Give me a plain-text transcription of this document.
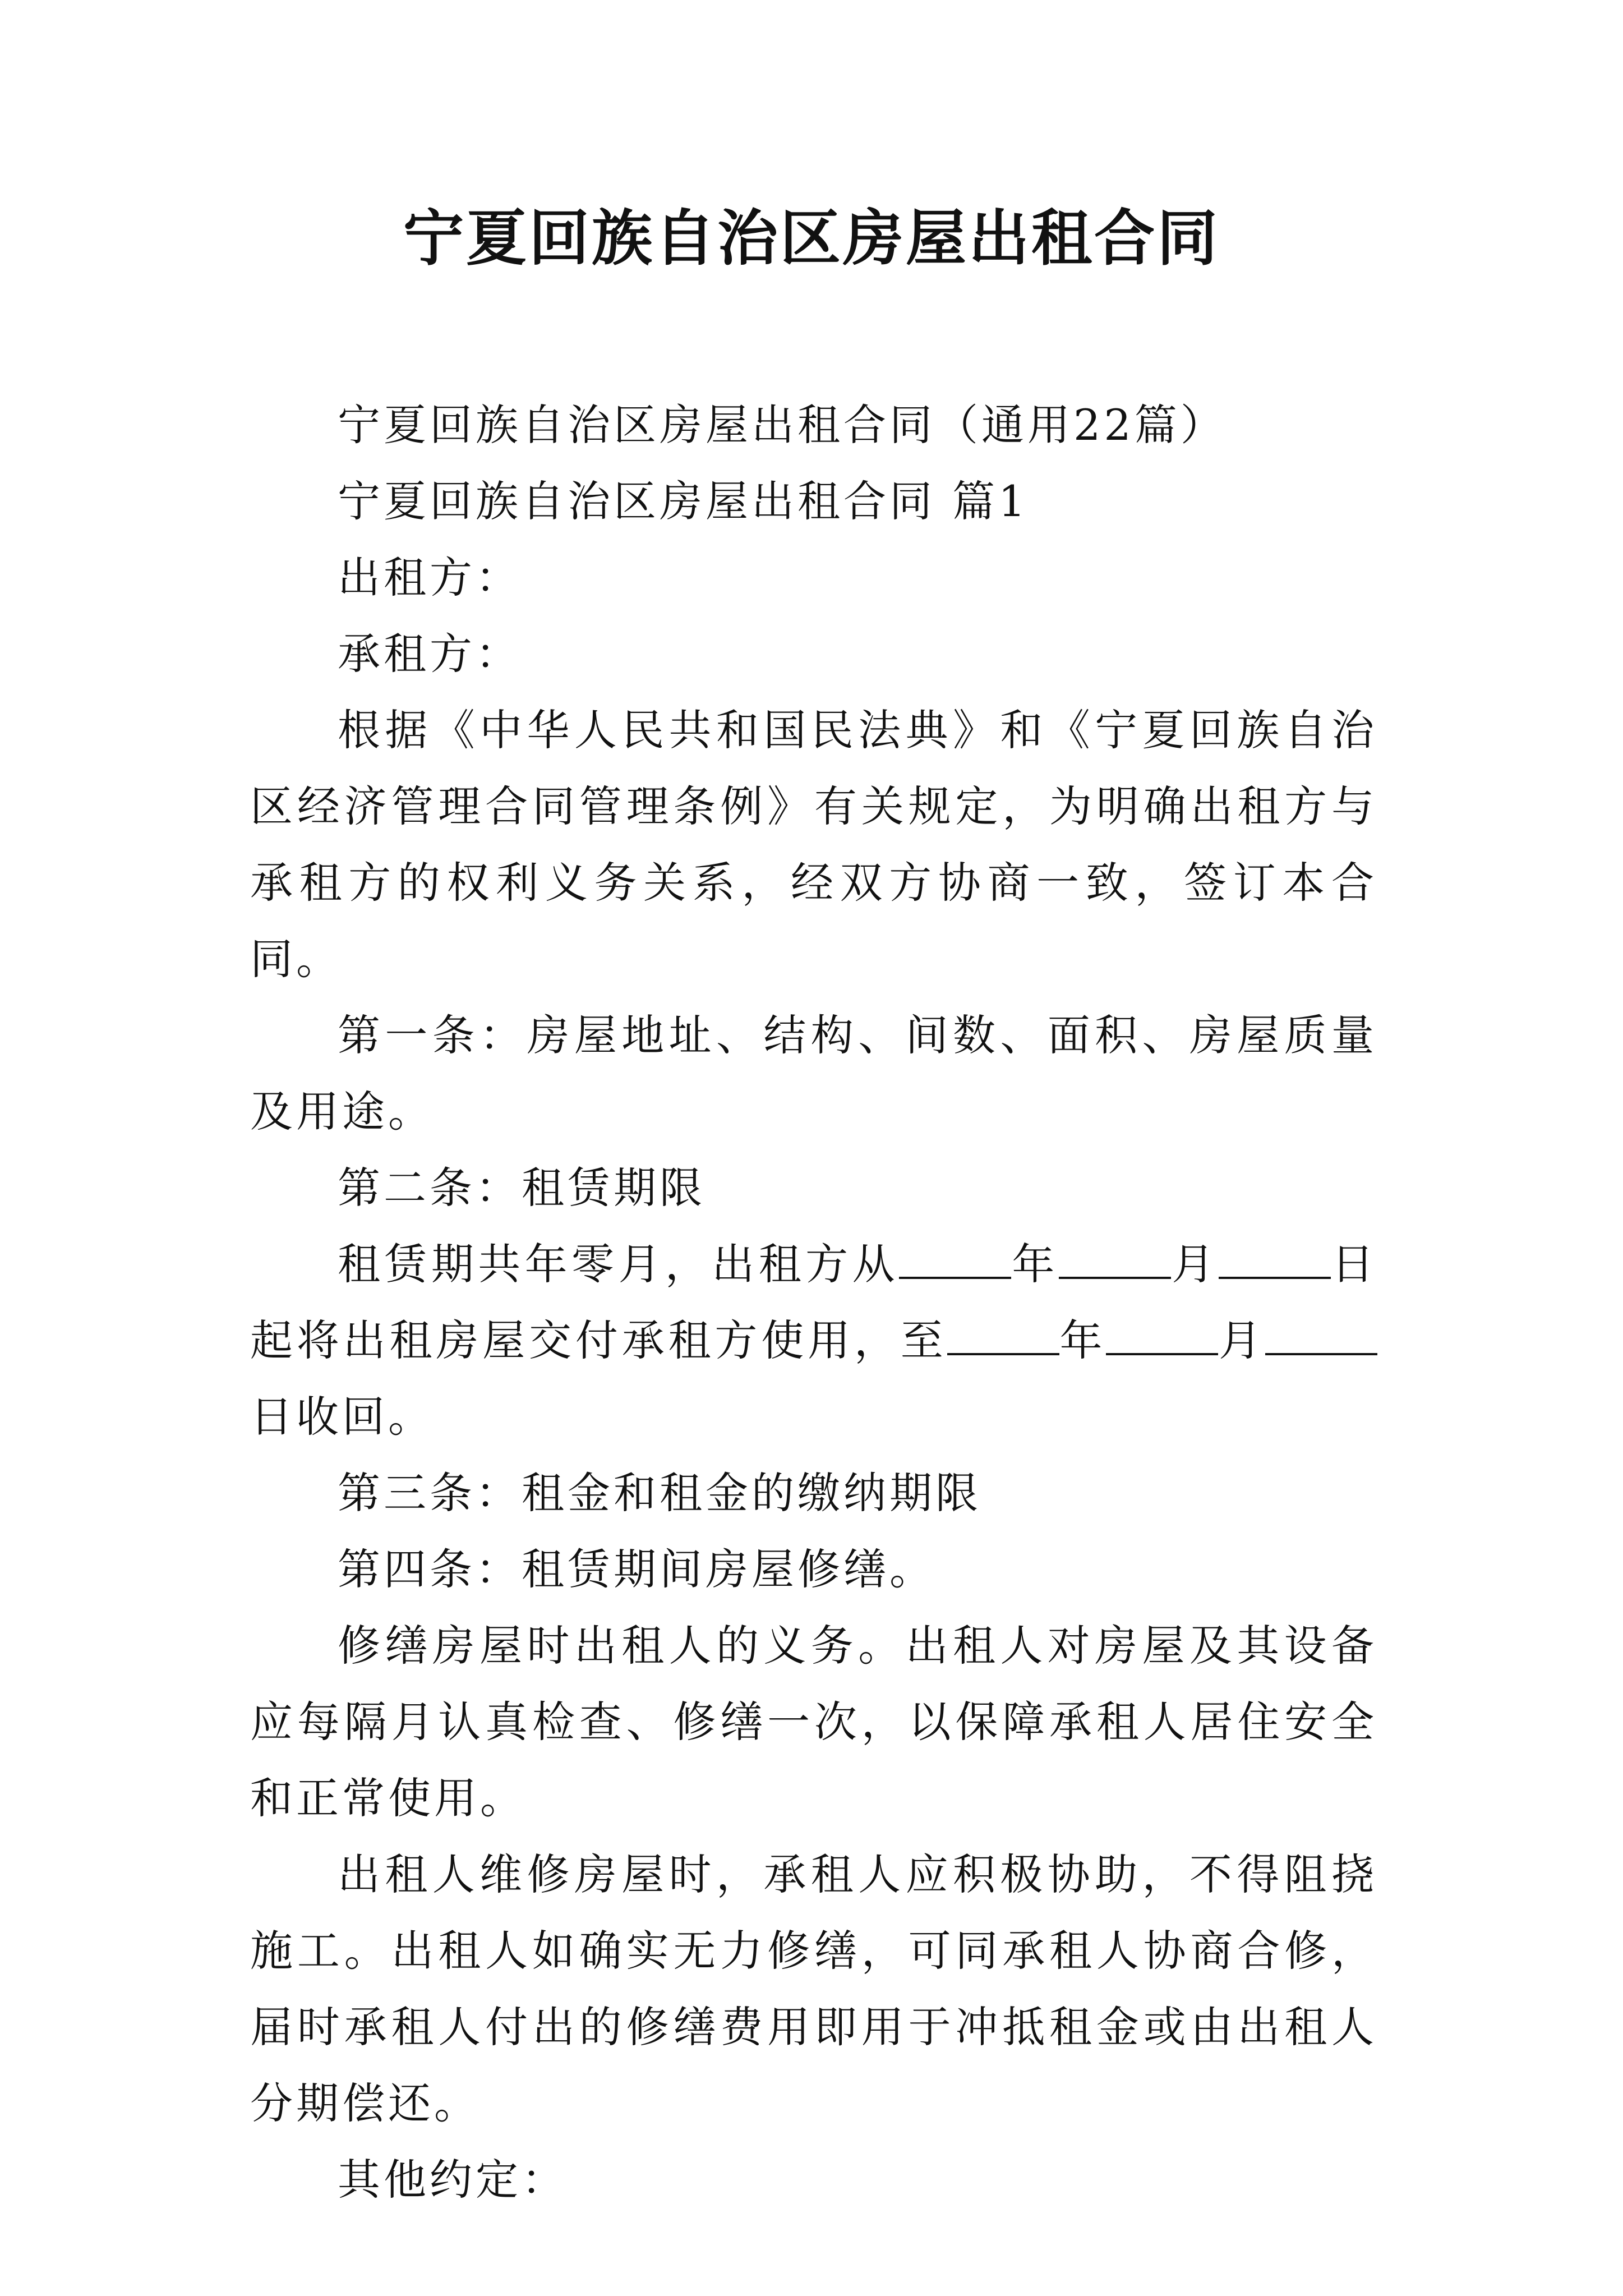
宁夏回族自治区房屋出租合同

宁夏回族自治区房屋出租合同（通用22篇）

宁夏回族自治区房屋出租合同 篇1

出租方：

承租方：

根据《中华人民共和国民法典》和《宁夏回族自治区经济管理合同管理条例》有关规定，为明确出租方与承租方的权利义务关系，经双方协商一致，签订本合同。

第一条：房屋地址、结构、间数、面积、房屋质量及用途。

第二条：租赁期限

租赁期共年零月，出租方从	年	月	日起将出租房屋交付承租方使用，至	年	月日收回。

第三条：租金和租金的缴纳期限

第四条：租赁期间房屋修缮。

修缮房屋时出租人的义务。出租人对房屋及其设备应每隔月认真检查、修缮一次，以保障承租人居住安全和正常使用。

出租人维修房屋时，承租人应积极协助，不得阻挠施工。出租人如确实无力修缮，可同承租人协商合修，届时承租人付出的修缮费用即用于冲抵租金或由出租人分期偿还。

其他约定：
